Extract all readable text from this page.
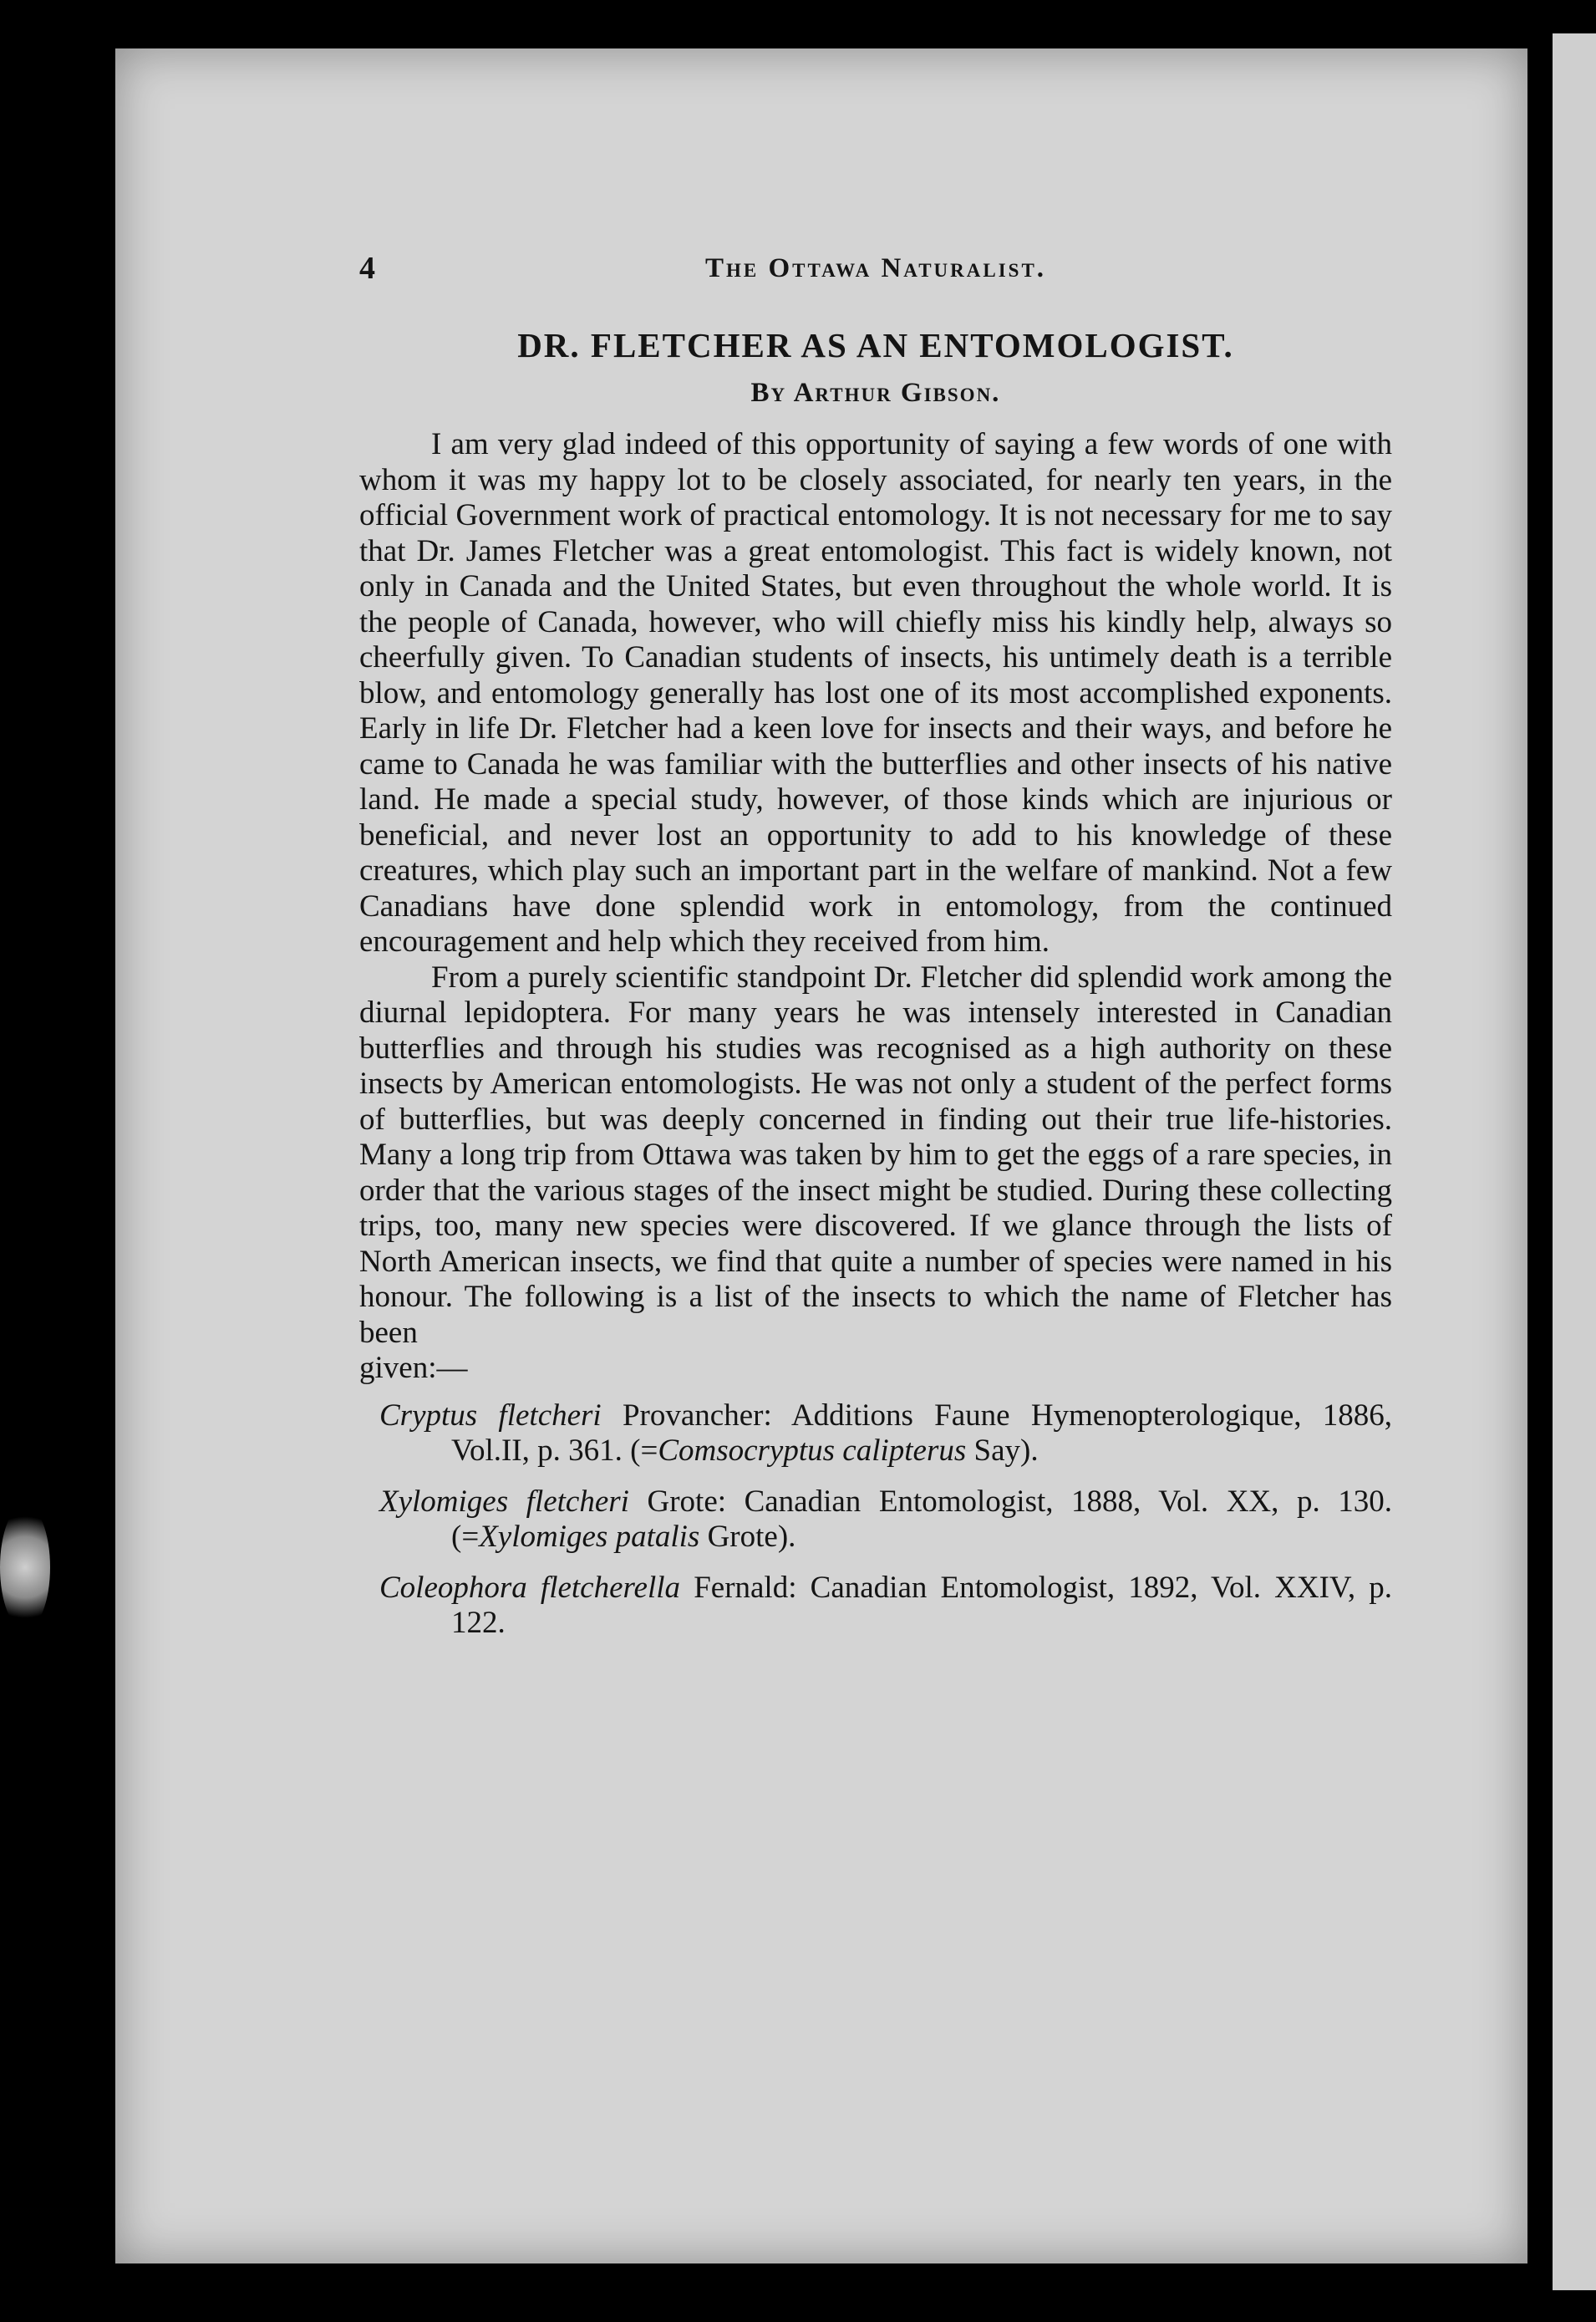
4	The Ottawa Naturalist.
DR. FLETCHER AS AN ENTOMOLOGIST.
By Arthur Gibson.

I am very glad indeed of this opportunity of saying a few words of one with whom it was my happy lot to be closely associated, for nearly ten years, in the official Government work of practical entomology. It is not necessary for me to say that Dr. James Fletcher was a great entomologist. This fact is widely known, not only in Canada and the United States, but even throughout the whole world. It is the people of Canada, however, who will chiefly miss his kindly help, always so cheerfully given. To Canadian students of insects, his untimely death is a terrible blow, and entomology generally has lost one of its most accomplished exponents. Early in life Dr. Fletcher had a keen love for insects and their ways, and before he came to Canada he was familiar with the butterflies and other insects of his native land. He made a special study, however, of those kinds which are injurious or beneficial, and never lost an opportunity to add to his knowledge of these creatures, which play such an important part in the welfare of mankind. Not a few Canadians have done splendid work in entomology, from the continued encouragement and help which they received from him.

From a purely scientific standpoint Dr. Fletcher did splendid work among the diurnal lepidoptera. For many years he was intensely interested in Canadian butterflies and through his studies was recognised as a high authority on these insects by American entomologists. He was not only a student of the perfect forms of butterflies, but was deeply concerned in finding out their true life-histories. Many a long trip from Ottawa was taken by him to get the eggs of a rare species, in order that the various stages of the insect might be studied. During these collecting trips, too, many new species were discovered. If we glance through the lists of North American insects, we find that quite a number of species were named in his honour. The following is a list of the insects to which the name of Fletcher has been

given:—

Cryptus fletcheri Provancher: Additions Faune Hymenopterologique, 1886, Vol.II, p. 361. (=Comsocryptus calipterus Say).

Xylomiges fletcheri Grote: Canadian Entomologist, 1888, Vol. XX, p. 130. (=Xylomiges patalis Grote).

Coleophora fletcherella Fernald: Canadian Entomologist, 1892, Vol. XXIV, p. 122.
